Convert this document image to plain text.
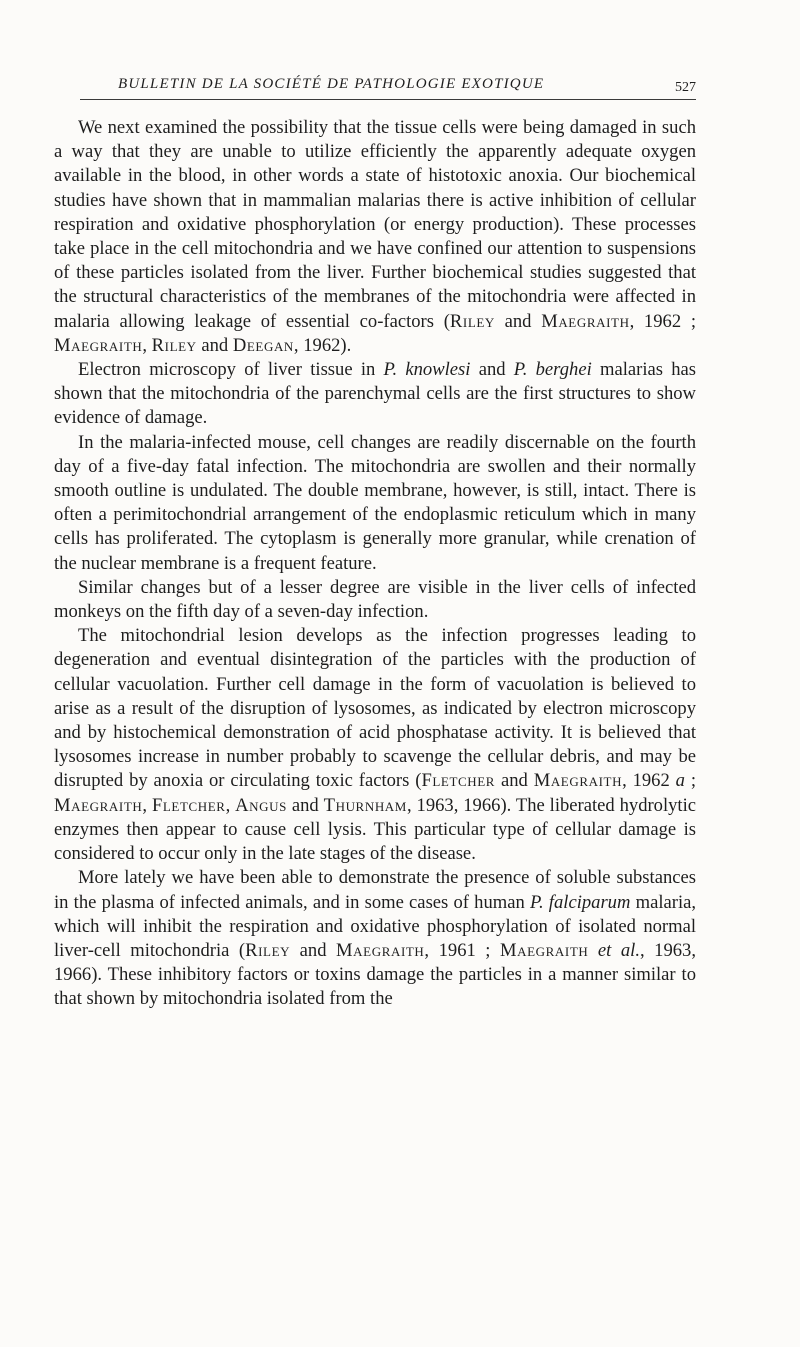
BULLETIN DE LA SOCIÉTÉ DE PATHOLOGIE EXOTIQUE	527

We next examined the possibility that the tissue cells were being damaged in such a way that they are unable to utilize efficiently the apparently adequate oxygen available in the blood, in other words a state of histotoxic anoxia. Our biochemical studies have shown that in mammalian malarias there is active inhibition of cellular respiration and oxidative phosphorylation (or energy production). These processes take place in the cell mitochondria and we have confined our attention to suspensions of these particles isolated from the liver. Further biochemical studies suggested that the structural characteristics of the membranes of the mitochondria were affected in malaria allowing leakage of essential co-factors (Riley and Maegraith, 1962 ; Maegraith, Riley and Deegan, 1962).

Electron microscopy of liver tissue in P. knowlesi and P. berghei malarias has shown that the mitochondria of the parenchymal cells are the first structures to show evidence of damage.

In the malaria-infected mouse, cell changes are readily discernable on the fourth day of a five-day fatal infection. The mitochondria are swollen and their normally smooth outline is undulated. The double membrane, however, is still, intact. There is often a perimitochondrial arrangement of the endoplasmic reticulum which in many cells has proliferated. The cytoplasm is generally more granular, while crenation of the nuclear membrane is a frequent feature.

Similar changes but of a lesser degree are visible in the liver cells of infected monkeys on the fifth day of a seven-day infection.

The mitochondrial lesion develops as the infection progresses leading to degeneration and eventual disintegration of the particles with the production of cellular vacuolation. Further cell damage in the form of vacuolation is believed to arise as a result of the disruption of lysosomes, as indicated by electron microscopy and by histochemical demonstration of acid phosphatase activity. It is believed that lysosomes increase in number probably to scavenge the cellular debris, and may be disrupted by anoxia or circulating toxic factors (Fletcher and Maegraith, 1962 a ; Maegraith, Fletcher, Angus and Thurnham, 1963, 1966). The liberated hydrolytic enzymes then appear to cause cell lysis. This particular type of cellular damage is considered to occur only in the late stages of the disease.

More lately we have been able to demonstrate the presence of soluble substances in the plasma of infected animals, and in some cases of human P. falciparum malaria, which will inhibit the respiration and oxidative phosphorylation of isolated normal liver-cell mitochondria (Riley and Maegraith, 1961 ; Maegraith et al., 1963, 1966). These inhibitory factors or toxins damage the particles in a manner similar to that shown by mitochondria isolated from the
